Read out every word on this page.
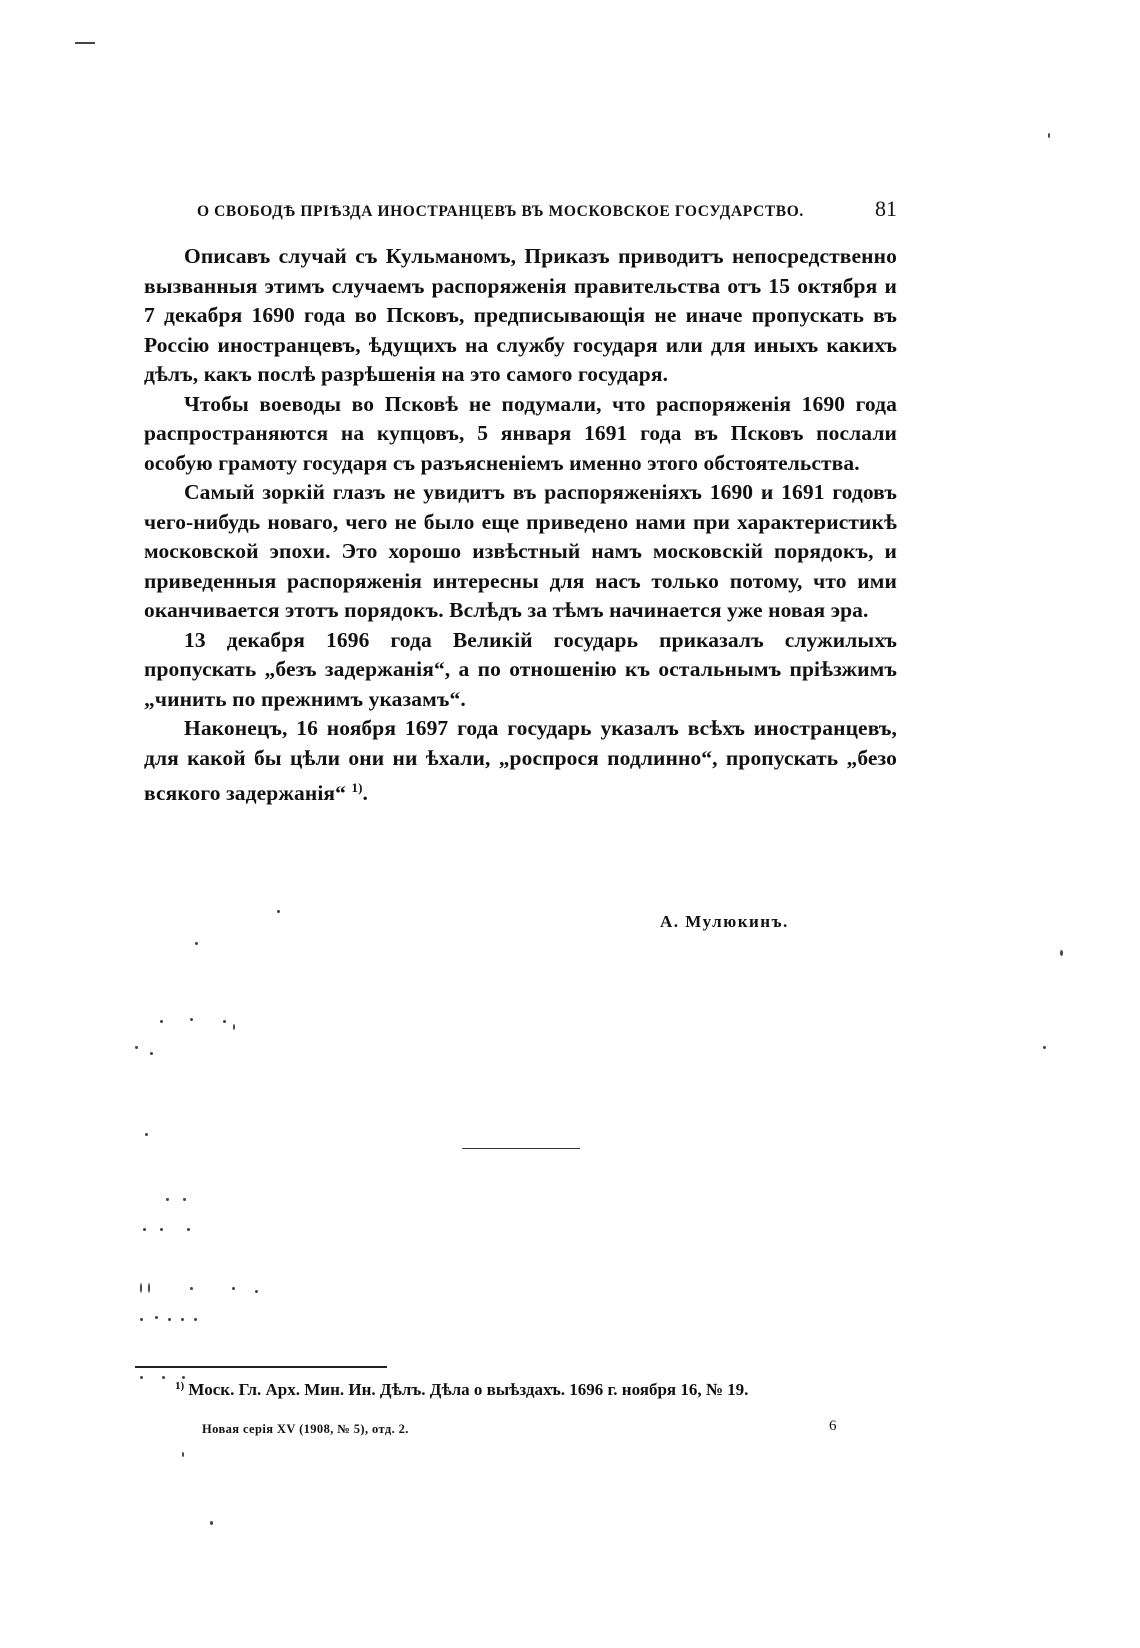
О СВОБОДѢ ПРІѢЗДА ИНОСТРАНЦЕВЪ ВЪ МОСКОВСКОЕ ГОСУДАРСТВО.	81

Описавъ случай съ Кульманомъ, Приказъ приводитъ непосредственно вызванныя этимъ случаемъ распоряженія правительства отъ 15 октября и 7 декабря 1690 года во Псковъ, предписывающія не иначе пропускать въ Россію иностранцевъ, ѣдущихъ на службу государя или для иныхъ какихъ дѣлъ, какъ послѣ разрѣшенія на это самого государя.

Чтобы воеводы во Псковѣ не подумали, что распоряженія 1690 года распространяются на купцовъ, 5 января 1691 года въ Псковъ послали особую грамоту государя съ разъясненіемъ именно этого обстоятельства.

Самый зоркій глазъ не увидитъ въ распоряженіяхъ 1690 и 1691 годовъ чего-нибудь новаго, чего не было еще приведено нами при характеристикѣ московской эпохи. Это хорошо извѣстный намъ московскій порядокъ, и приведенныя распоряженія интересны для насъ только потому, что ими оканчивается этотъ порядокъ. Вслѣдъ за тѣмъ начинается уже новая эра.

13 декабря 1696 года Великій государь приказалъ служилыхъ пропускать „безъ задержанія“, а по отношенію къ остальнымъ пріѣзжимъ „чинить по прежнимъ указамъ“.

Наконецъ, 16 ноября 1697 года государь указалъ всѣхъ иностранцевъ, для какой бы цѣли они ни ѣхали, „роспрося подлинно“, пропускать „безо всякого задержанія“ $^{1)}$.

А. Мулюкинъ.
$^{1)}$ Моск. Гл. Арх. Мин. Ин. Дѣлъ. Дѣла о выѣздахъ. 1696 г. ноября 16, № 19.
Новая серія XV (1908, № 5), отд. 2.	6
